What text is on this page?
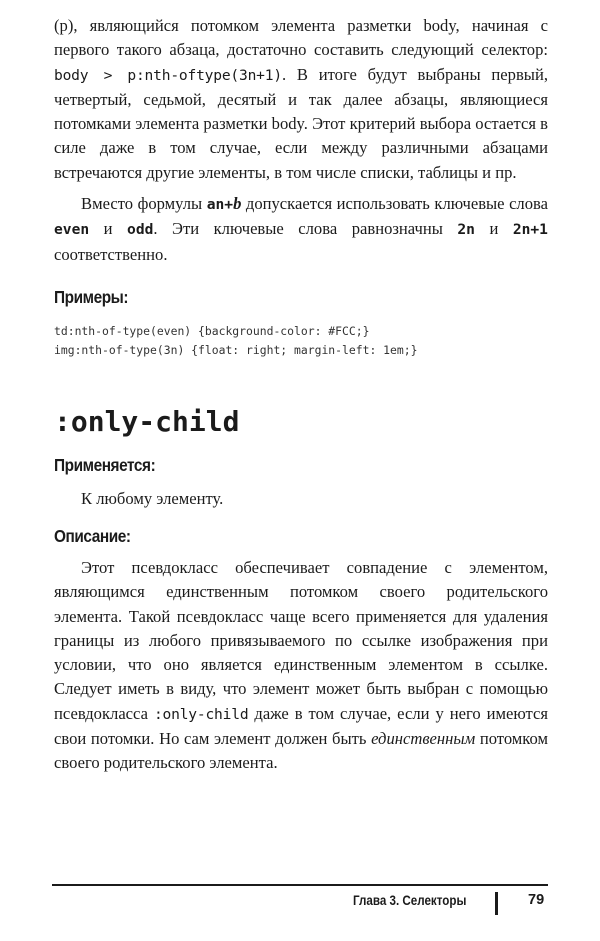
(p), являющийся потомком элемента разметки body, начиная с первого такого абзаца, достаточно составить следующий селектор: body > p:nth-oftype(3n+1). В итоге будут выбраны первый, четвертый, седьмой, десятый и так далее абзацы, являющиеся потомками элемента разметки body. Этот критерий выбора остается в силе даже в том случае, если между различными абзацами встречаются другие элементы, в том числе списки, таблицы и пр.

Вместо формулы an+b допускается использовать ключевые слова even и odd. Эти ключевые слова равнозначны 2n и 2n+1 соответственно.

Примеры:
td:nth-of-type(even) {background-color: #FCC;}
img:nth-of-type(3n) {float: right; margin-left: 1em;}
:only-child
Применяется:
К любому элементу.
Описание:

Этот псевдокласс обеспечивает совпадение с элементом, являющимся единственным потомком своего родительского элемента. Такой псевдокласс чаще всего применяется для удаления границы из любого привязываемого по ссылке изображения при условии, что оно является единственным элементом в ссылке. Следует иметь в виду, что элемент может быть выбран с помощью псевдокласса :only-child даже в том случае, если у него имеются свои потомки. Но сам элемент должен быть единственным потомком своего родительского элемента.

Глава 3. Селекторы	79
